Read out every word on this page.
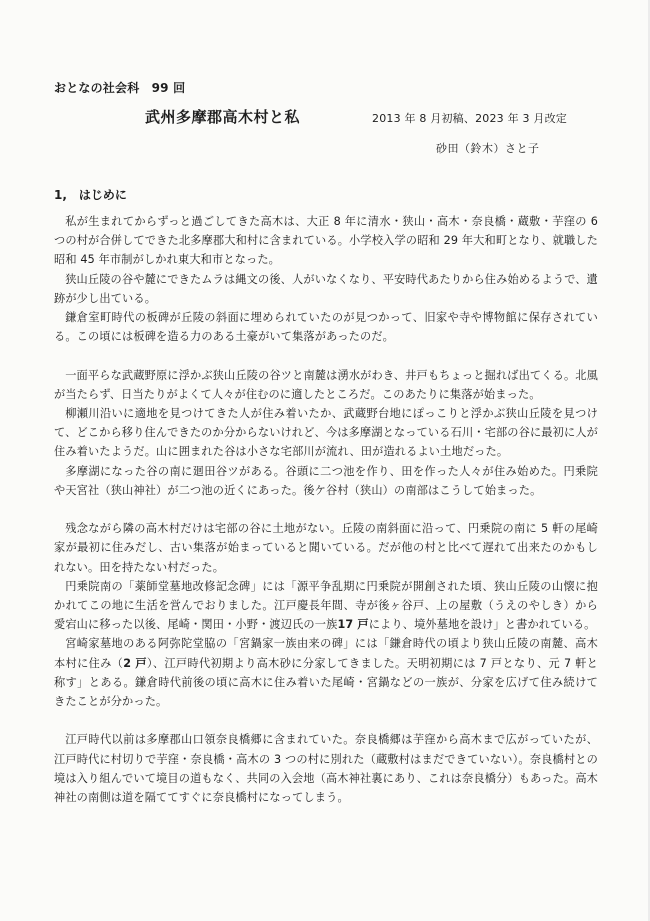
おとなの社会科　99 回
武州多摩郡高木村と私	2013 年 8 月初稿、2023 年 3 月改定
砂田（鈴木）さと子
1,　はじめに

私が生まれてからずっと過ごしてきた高木は、大正 8 年に清水・狭山・高木・奈良橋・蔵敷・芋窪の 6 つの村が合併してできた北多摩郡大和村に含まれている。小学校入学の昭和 29 年大和町となり、就職した昭和 45 年市制がしかれ東大和市となった。

狭山丘陵の谷や麓にできたムラは縄文の後、人がいなくなり、平安時代あたりから住み始めるようで、遺跡が少し出ている。

鎌倉室町時代の板碑が丘陵の斜面に埋められていたのが見つかって、旧家や寺や博物館に保存されている。この頃には板碑を造る力のある土豪がいて集落があったのだ。

一面平らな武蔵野原に浮かぶ狭山丘陵の谷ツと南麓は湧水がわき、井戸もちょっと掘れば出てくる。北風が当たらず、日当たりがよくて人々が住むのに適したところだ。このあたりに集落が始まった。

柳瀬川沿いに適地を見つけてきた人が住み着いたか、武蔵野台地にぽっこりと浮かぶ狭山丘陵を見つけて、どこから移り住んできたのか分からないけれど、今は多摩湖となっている石川・宅部の谷に最初に人が住み着いたようだ。山に囲まれた谷は小さな宅部川が流れ、田が造れるよい土地だった。

多摩湖になった谷の南に廻田谷ツがある。谷頭に二つ池を作り、田を作った人々が住み始めた。円乗院や天宮社（狭山神社）が二つ池の近くにあった。後ケ谷村（狭山）の南部はこうして始まった。

残念ながら隣の高木村だけは宅部の谷に土地がない。丘陵の南斜面に沿って、円乗院の南に 5 軒の尾崎家が最初に住みだし、古い集落が始まっていると聞いている。だが他の村と比べて遅れて出来たのかもしれない。田を持たない村だった。

円乗院南の「薬師堂墓地改修記念碑」には「源平争乱期に円乗院が開創された頃、狭山丘陵の山懐に抱かれてこの地に生活を営んでおりました。江戸慶長年間、寺が後ヶ谷戸、上の屋敷（うえのやしき）から愛宕山に移った以後、尾崎・関田・小野・渡辺氏の一族17 戸により、境外墓地を設け」と書かれている。

宮崎家墓地のある阿弥陀堂脇の「宮鍋家一族由来の碑」には「鎌倉時代の頃より狭山丘陵の南麓、高木本村に住み（2 戸）、江戸時代初期より高木砂に分家してきました。天明初期には 7 戸となり、元 7 軒と称す」とある。鎌倉時代前後の頃に高木に住み着いた尾崎・宮鍋などの一族が、分家を広げて住み続けてきたことが分かった。

江戸時代以前は多摩郡山口領奈良橋郷に含まれていた。奈良橋郷は芋窪から高木まで広がっていたが、江戸時代に村切りで芋窪・奈良橋・高木の 3 つの村に別れた（蔵敷村はまだできていない）。奈良橋村との境は入り組んでいて境目の道もなく、共同の入会地（高木神社裏にあり、これは奈良橋分）もあった。高木神社の南側は道を隔ててすぐに奈良橋村になってしまう。
